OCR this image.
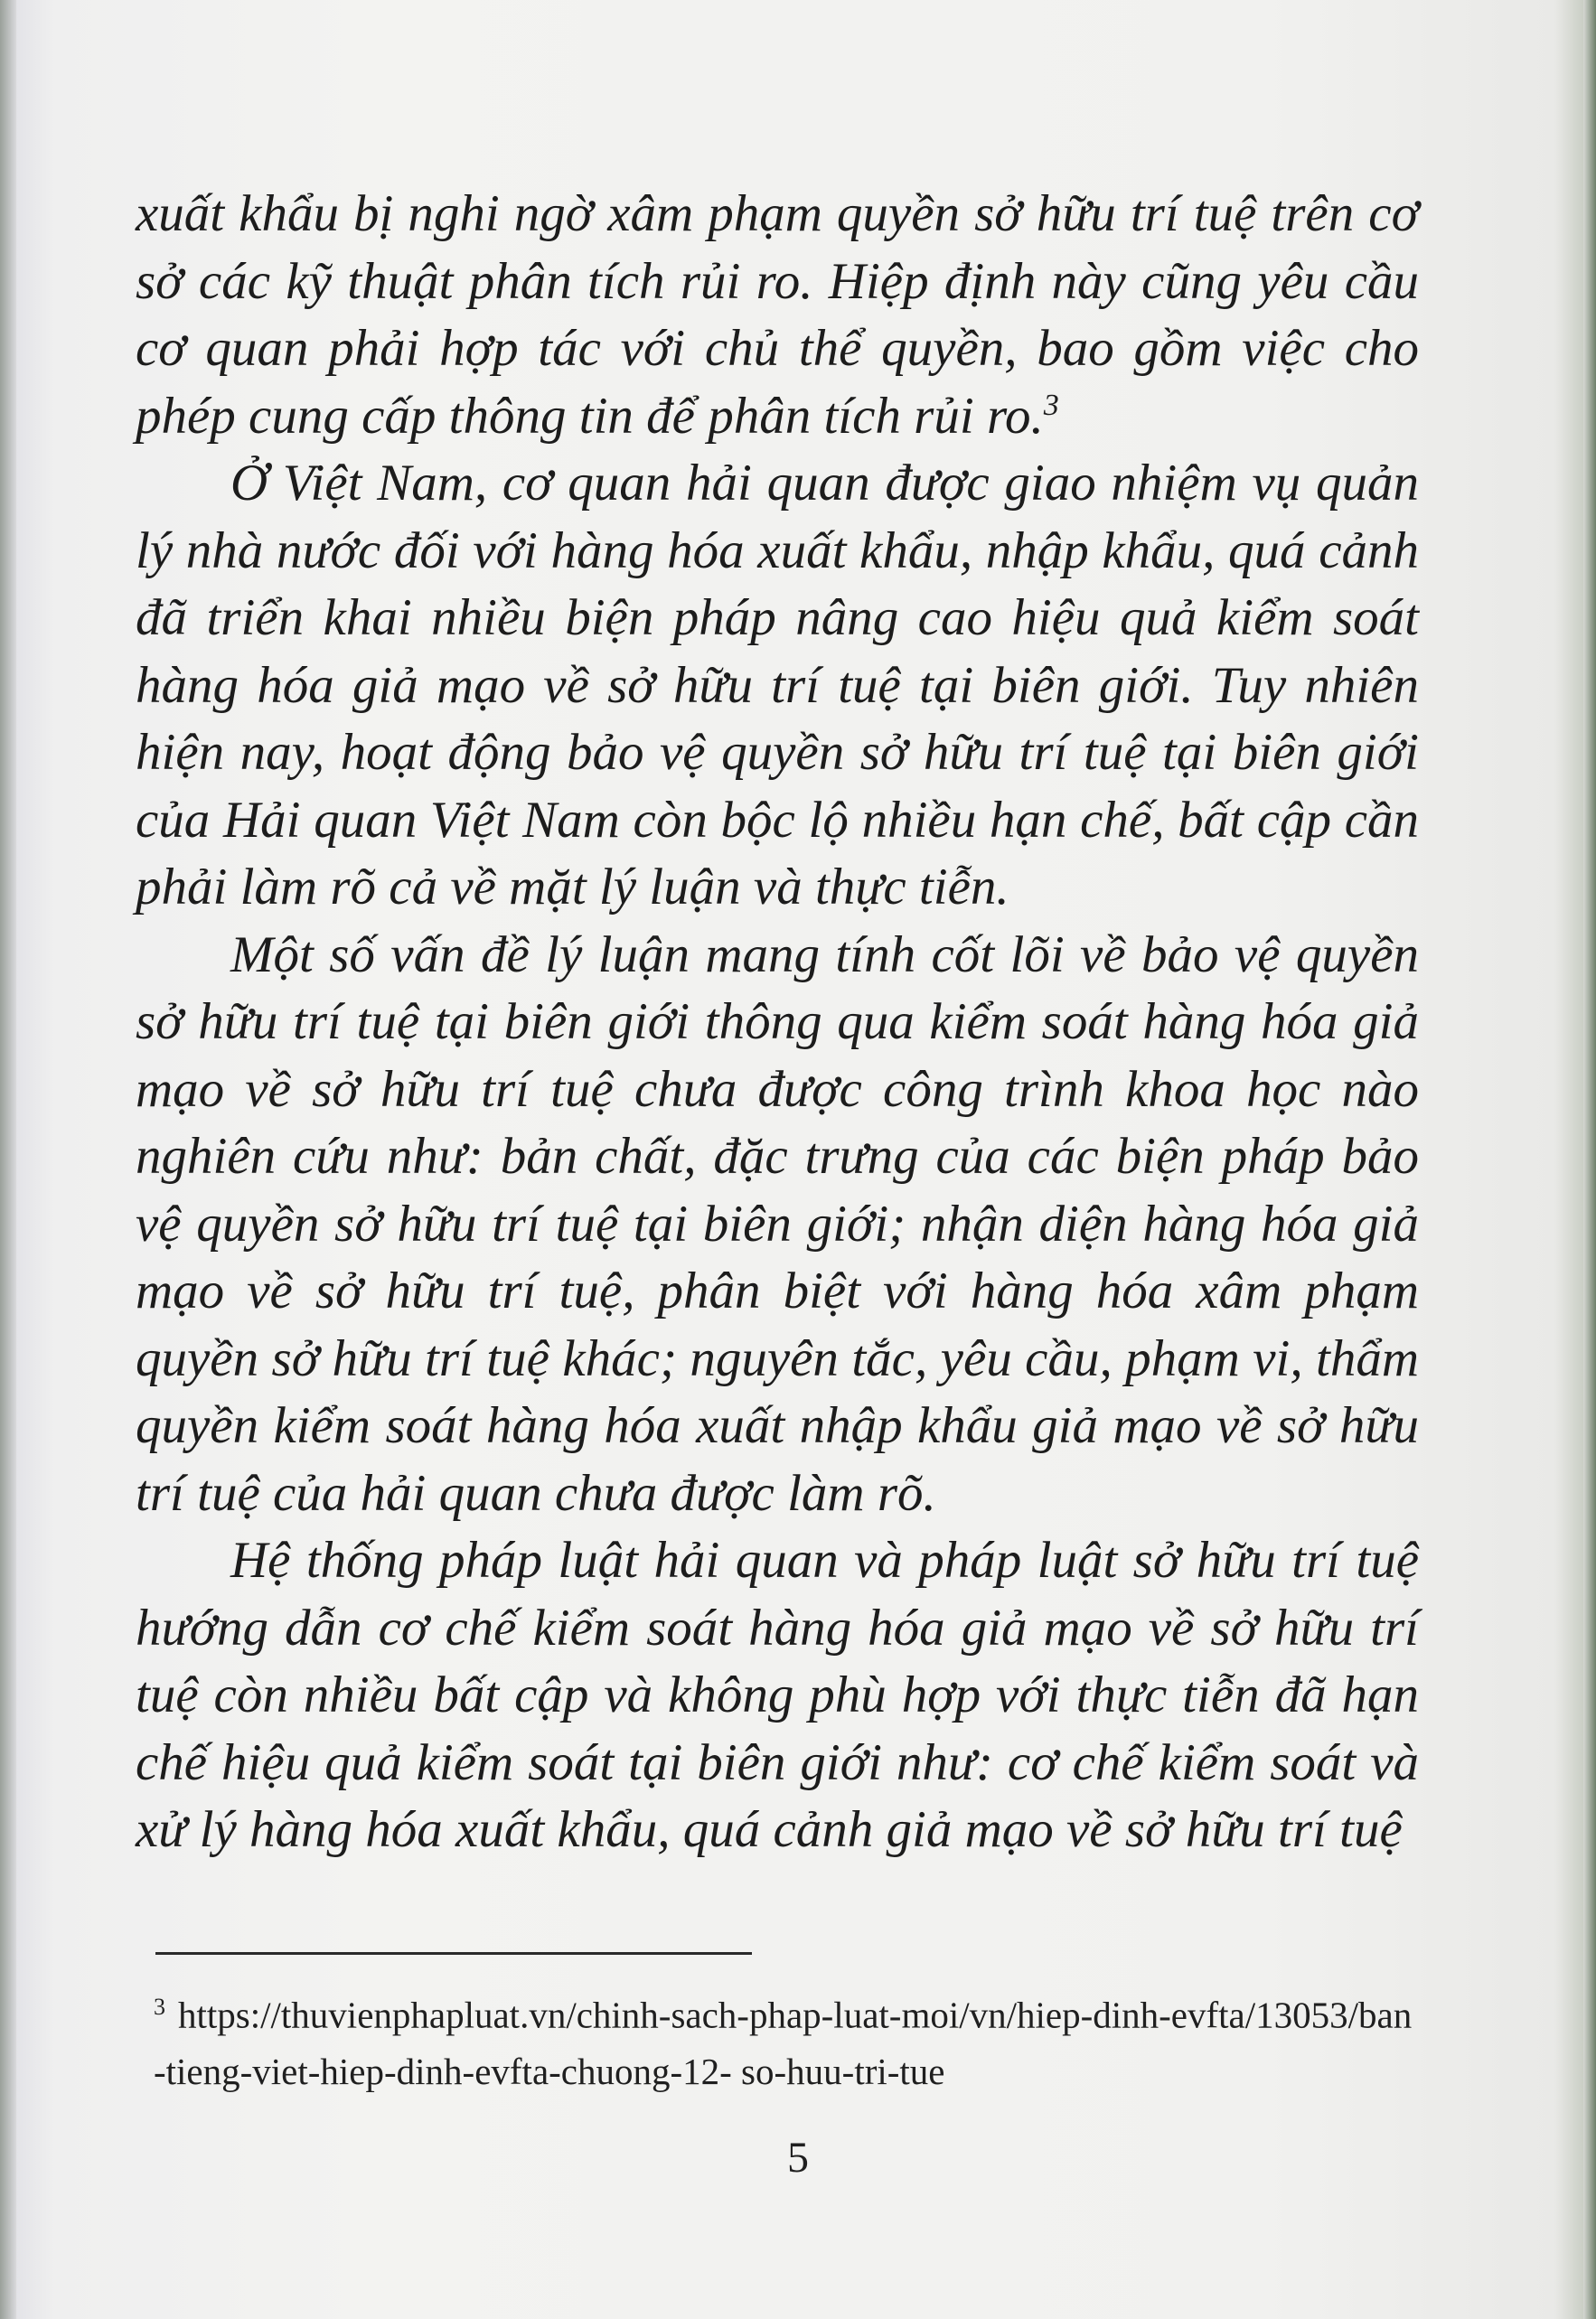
xuất khẩu bị nghi ngờ xâm phạm quyền sở hữu trí tuệ trên cơ sở các kỹ thuật phân tích rủi ro. Hiệp định này cũng yêu cầu cơ quan phải hợp tác với chủ thể quyền, bao gồm việc cho phép cung cấp thông tin để phân tích rủi ro.$^3$

Ở Việt Nam, cơ quan hải quan được giao nhiệm vụ quản lý nhà nước đối với hàng hóa xuất khẩu, nhập khẩu, quá cảnh đã triển khai nhiều biện pháp nâng cao hiệu quả kiểm soát hàng hóa giả mạo về sở hữu trí tuệ tại biên giới. Tuy nhiên hiện nay, hoạt động bảo vệ quyền sở hữu trí tuệ tại biên giới của Hải quan Việt Nam còn bộc lộ nhiều hạn chế, bất cập cần phải làm rõ cả về mặt lý luận và thực tiễn.

Một số vấn đề lý luận mang tính cốt lõi về bảo vệ quyền sở hữu trí tuệ tại biên giới thông qua kiểm soát hàng hóa giả mạo về sở hữu trí tuệ chưa được công trình khoa học nào nghiên cứu như: bản chất, đặc trưng của các biện pháp bảo vệ quyền sở hữu trí tuệ tại biên giới; nhận diện hàng hóa giả mạo về sở hữu trí tuệ, phân biệt với hàng hóa xâm phạm quyền sở hữu trí tuệ khác; nguyên tắc, yêu cầu, phạm vi, thẩm quyền kiểm soát hàng hóa xuất nhập khẩu giả mạo về sở hữu trí tuệ của hải quan chưa được làm rõ.

Hệ thống pháp luật hải quan và pháp luật sở hữu trí tuệ hướng dẫn cơ chế kiểm soát hàng hóa giả mạo về sở hữu trí tuệ còn nhiều bất cập và không phù hợp với thực tiễn đã hạn chế hiệu quả kiểm soát tại biên giới như: cơ chế kiểm soát và xử lý hàng hóa xuất khẩu, quá cảnh giả mạo về sở hữu trí tuệ

$^3$ https://thuvienphapluat.vn/chinh-sach-phap-luat-moi/vn/hiep-dinh-evfta/13053/ban-tieng-viet-hiep-dinh-evfta-chuong-12- so-huu-tri-tue
5
